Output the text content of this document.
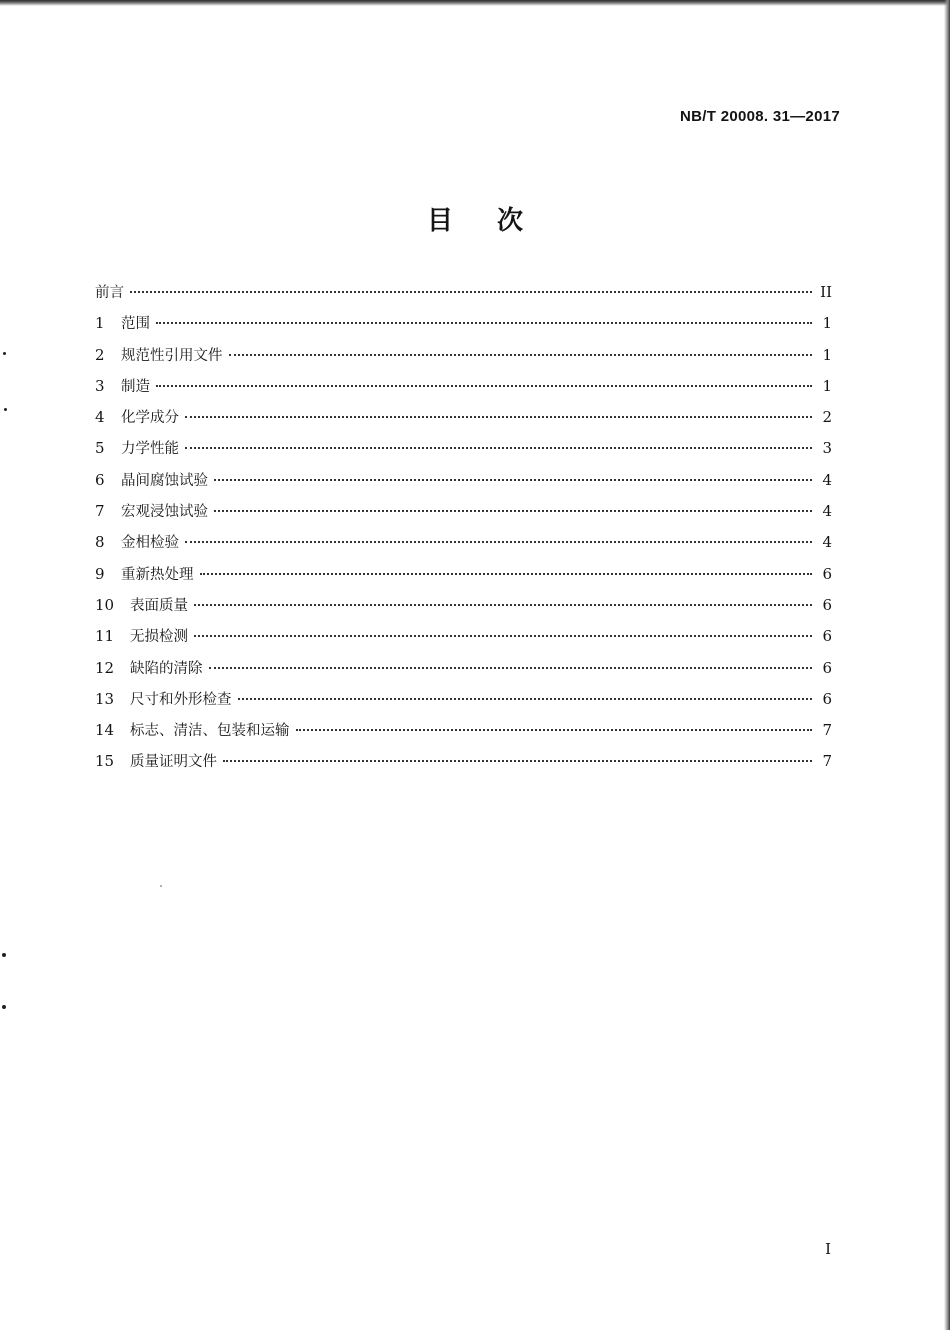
NB/T 20008. 31—2017
目次
前言	II
1	范围	1
2	规范性引用文件	1
3	制造	1
4	化学成分	2
5	力学性能	3
6	晶间腐蚀试验	4
7	宏观浸蚀试验	4
8	金相检验	4
9	重新热处理	6
10	表面质量	6
11	无损检测	6
12	缺陷的清除	6
13	尺寸和外形检查	6
14	标志、清洁、包装和运输	7
15	质量证明文件	7
I
